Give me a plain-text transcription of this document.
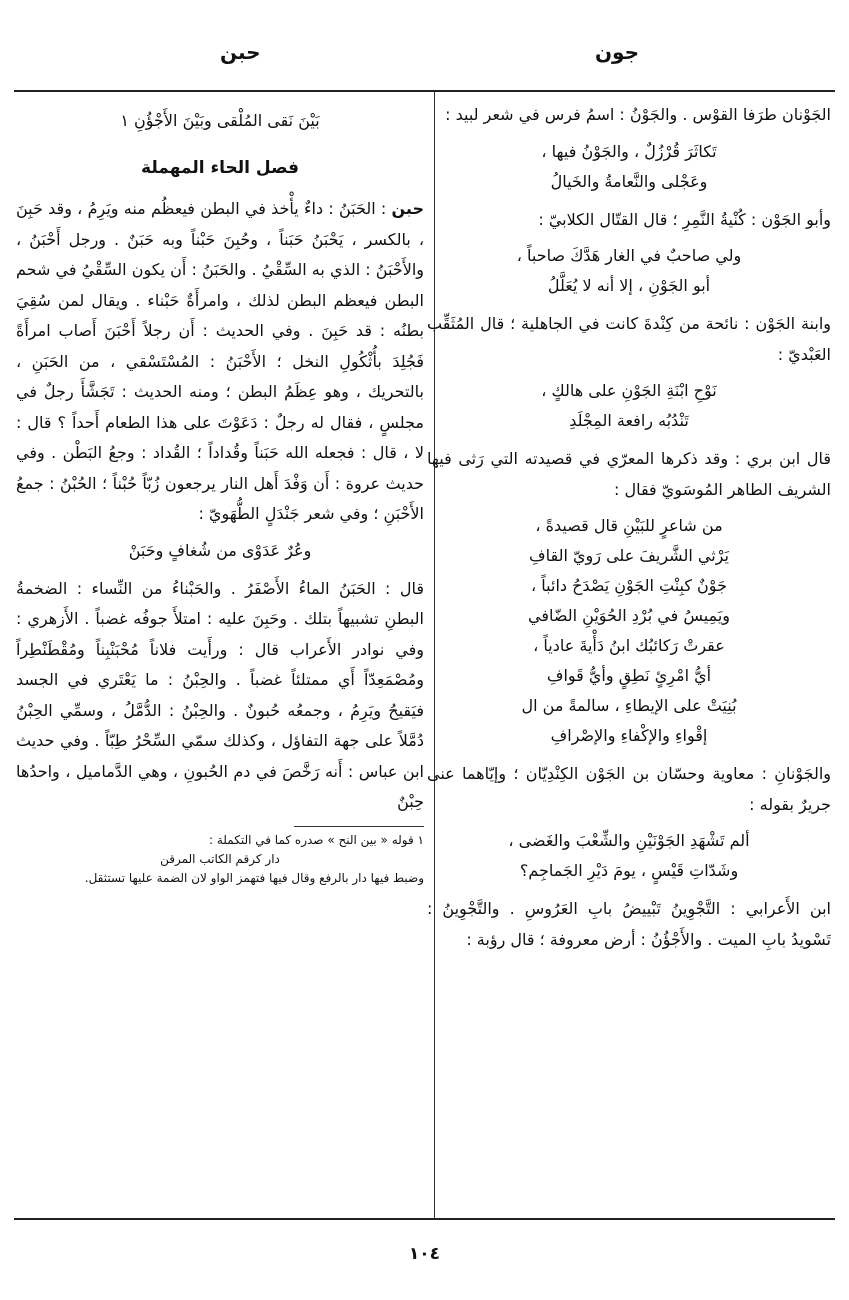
جون
حبن

الجَوْنان طرَفا القوْس . والجَوْنُ : اسمُ فرس في شعر لبيد :

تَكاثَرَ قُرْزُلٌ ، والجَوْنُ فيها ،
وعَجْلى والنَّعامةُ والخَيالُ

وأبو الجَوْن : كُنْيةُ النَّمِرِ ؛ قال القتّال الكلابيّ :

ولي صاحبٌ في الغار هَدَّكَ صاحباً ،
أبو الجَوْنِ ، إلا أنه لا يُعَلَّلُ

وابنة الجَوْن : نائحة من كِنْدةَ كانت في الجاهلية ؛ قال المُثَقِّب العَبْديّ :

نَوْحِ ابْنَةِ الجَوْنِ على هالكٍ ،
تَنْدُبُه رافعة المِجْلَدِ

قال ابن بري : وقد ذكرها المعرّي في قصيدته التي رَثى فيها الشريف الطاهر المُوسَويّ فقال :

من شاعرٍ للبَيْنِ قال قصيدةً ،
يَرْثي الشَّريفَ على رَويّ القافِ
جَوْنٌ كبِنْتِ الجَوْنِ يَصْدَحُ دائباً ،
ويَمِيسُ في بُرْدِ الحُوَيْنِ الضّافي
عقرتْ رَكائبُك ابنُ دَأْيةَ عادياً ،
أيُّ امْرِئٍ نَطِقٍ وأيُّ قَوافِ
بُنِيَتْ على الإيطاءِ ، سالمةً من ال
إقْواءِ والإكْفاءِ والإصْرافِ

والجَوْنانِ : معاوية وحسّان بن الجَوْن الكِنْدِيّان ؛ وإيّاهما عنى جريرٌ بقوله :

ألم تَشْهَدِ الجَوْنَيْنِ والشِّعْبَ والغَضى ،
وشَدّاتِ قَيْسٍ ، يومَ دَيْرِ الجَماجِم؟

ابن الأَعرابي : التَّجْوِينُ تَبْييضُ بابِ العَرُوسِ . والتَّجْوِينُ : تَسْويدُ بابِ الميت . والأَجْؤُنُ : أرض معروفة ؛ قال رؤبة :

بَيْنَ نَقى المُلْقى وبَيْنَ الأَجْؤُنِ ١
فصل الحاء المهملة

حبن : الحَبَنُ : داءٌ يأْخذ في البطن فيعظُم منه ويَرِمُ ، وقد حَبِنَ ، بالكسر ، يَحْبَنُ حَبَناً ، وحُبِنَ حَبْناً وبه حَبَنٌ . ورجل أَحْبَنُ ، والأَحْبَنُ : الذي به السِّقْيُ . والحَبَنُ : أَن يكون السِّقْيُ في شحم البطن فيعظم البطن لذلك ، وامرأَةٌ حَبْناء . ويقال لمن سُقِيَ بطنُه : قد حَبِنَ . وفي الحديث : أَن رجلاً أَحْبَنَ أَصاب امرأَةً فَجُلِدَ بأُثْكُولِ النخل ؛ الأَحْبَنُ : المُسْتَسْقي ، من الحَبَنِ ، بالتحريك ، وهو عِظَمُ البطن ؛ ومنه الحديث : تَجَشَّأَ رجلٌ في مجلسٍ ، فقال له رجلٌ : دَعَوْتَ على هذا الطعام أَحداً ؟ قال : لا ، قال : فجعله الله حَبَناً وقُداداً ؛ القُداد : وجعُ البَطْن . وفي حديث عروة : أَن وَفْدَ أَهل النار يرجعون زُبّاً حُبْناً ؛ الحُبْنُ : جمعُ الأَحْبَنِ ؛ وفي شعر جَنْدَلٍ الطُّهَويّ :

وعُرٌ عَدَوْى من شُغافٍ وحَبَنْ

قال : الحَبَنُ الماءُ الأَصْفَرُ . والحَبْناءُ من النِّساء : الضخمةُ البطنِ تشبيهاً بتلك . وحَبِنَ عليه : امتلأَ جوفُه غضباً . الأَزهري : وفي نوادر الأَعراب قال : ورأَيت فلاناً مُحْبَنْبِناً ومُقْطَنْطِراً ومُصْمَعِدّاً أَي ممتلئاً غضباً . والحِبْنُ : ما يَعْتَري في الجسد فيَقيحُ ويَرِمُ ، وجمعُه حُبونٌ . والحِبْنُ : الدُّمَّلُ ، وسمِّي الحِبْنُ دُمَّلاً على جهة التفاؤل ، وكذلك سمّي السِّحْرُ طِبّاً . وفي حديث ابن عباس : أَنه رَخَّصَ في دم الحُبونِ ، وهي الدَّماميل ، واحدُها حِبْنٌ

١ قوله « بين النح » صدره كما في التكملة :
دار كرقم الكاتب المرقن
وضبط فيها دار بالرفع وقال فيها فتهمز الواو لان الضمة عليها تستثقل.
١٠٤
